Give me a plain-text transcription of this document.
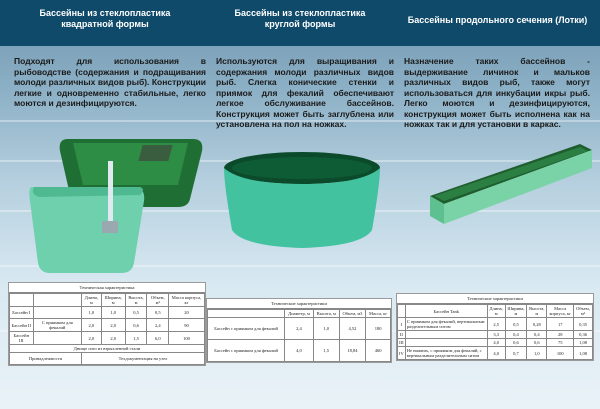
Бассейны из стеклопластика
квадратной формы
Бассейны из стеклопластика
круглой формы	Бассейны продольного сечения (Лотки)
Подходят для использования в рыбоводстве (содержания и подращивания молоди различных видов рыб). Конструкции легкие и одновременно стабильные, легко моются и дезинфицируются.
Используются для выращивания и содержания молоди различных видов рыб. Слегка конические стенки и приямок для фекалий обеспечивают легкое обслуживание бассейнов. Конструкция может быть заглублена или установлена на пол на ножках.
Назначение таких бассейнов - выдерживание личинок и мальков различных видов рыб, также могут использоваться для инкубации икры рыб. Легко моются и дезинфицируются, конструкция может быть исполнена как на ножках так и для установки в каркас.
Техническая характеристика
		Длина, м	Ширина, м	Высота, м	Объем, м³	Масса корпуса, кг
Бассейн I		1,0	1,0	0,5	0,5	20
Бассейн II	С приямком для фекалий	2,0	2,0	0,6	2,4	90
Бассейн III		2,0	2,0	1,5	6,0	100
Днище сито из взрыхленной стали						
Принадлежности		Техдокументация на узел				
Технические характеристики
	Диаметр, м	Высота, м	Объем, м3	Масса, кг
Бассейн с приямком для фекалий	2,4	1,0	4,52	180
Бассейн с приямком для фекалий	4,0	1,5	18,84	460
Технические характеристики
	Бассейн Tank	Длина, м	Ширина, м	Высота, м	Масса корпуса, кг	Объем, м³
I	С приямком для фекалий, вертикальным разделительным ситом	2,5	0,5	0,28	17	0,35
II		3,3	0,4	0,4	28	0,36
III		4,0	0,6	0,6	75	1,08
IV	Не нижних, с приямком для фекалий, с вертикальным разделительным ситом	4,0	0,7	1,0	100	1,08
